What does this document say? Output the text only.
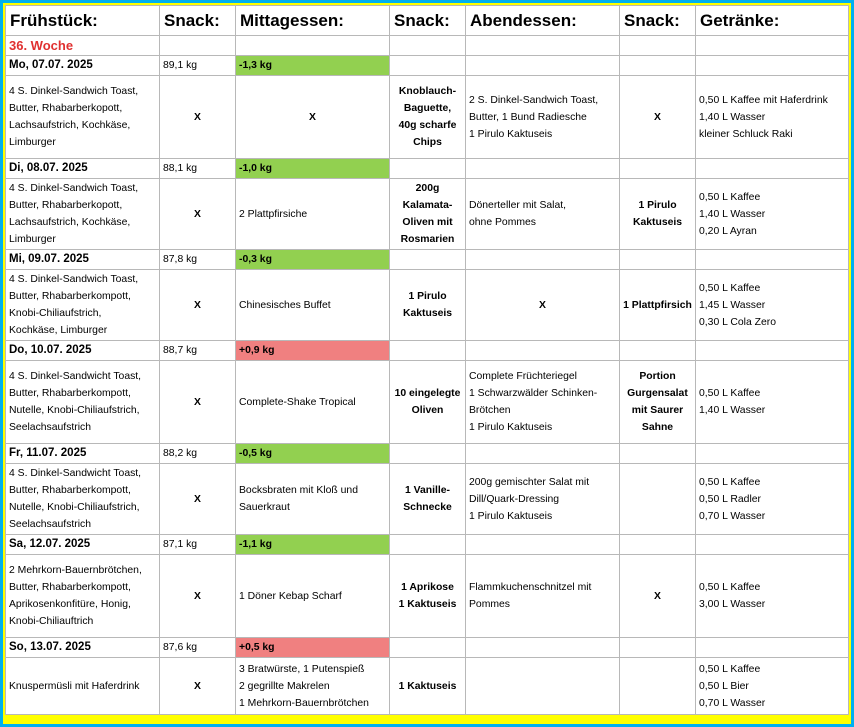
Frühstück:	Snack:	Mittagessen:	Snack:	Abendessen:	Snack:	Getränke:
36. Woche						
Mo, 07.07. 2025	89,1 kg	-1,3 kg				

4 S. Dinkel-Sandwich Toast,
Butter, Rhabarberkopott,
Lachsaufstrich, Kochkäse,
Limburger	X	X	Knoblauch-
Baguette,
40g scharfe
Chips	2 S. Dinkel-Sandwich Toast,
Butter, 1 Bund Radiesche
1 Pirulo Kaktuseis	X	0,50 L Kaffee mit Haferdrink
1,40 L Wasser
kleiner Schluck Raki

Di, 08.07. 2025	88,1 kg	-1,0 kg				

4 S. Dinkel-Sandwich Toast,
Butter, Rhabarberkopott,
Lachsaufstrich, Kochkäse,
Limburger	X	2 Plattpfirsiche	200g
Kalamata-
Oliven mit
Rosmarien	Dönerteller mit Salat,
ohne Pommes	1 Pirulo
Kaktuseis	0,50 L Kaffee
1,40 L Wasser
0,20 L Ayran

Mi, 09.07. 2025	87,8 kg	-0,3 kg				

4 S. Dinkel-Sandwich Toast,
Butter, Rhabarberkompott,
Knobi-Chiliaufstrich,
Kochkäse, Limburger	X	Chinesisches Buffet	1 Pirulo
Kaktuseis	X	1 Plattpfirsich	0,50 L Kaffee
1,45 L Wasser
0,30 L Cola Zero

Do, 10.07. 2025	88,7 kg	+0,9 kg				

4 S. Dinkel-Sandwicht Toast,
Butter, Rhabarberkompott,
Nutelle, Knobi-Chiliaufstrich,
Seelachsaufstrich	X	Complete-Shake Tropical	10 eingelegte
Oliven	Complete Früchteriegel
1 Schwarzwälder Schinken-
Brötchen
1 Pirulo Kaktuseis	Portion
Gurgensalat
mit Saurer
Sahne	0,50 L Kaffee
1,40 L Wasser

Fr, 11.07. 2025	88,2 kg	-0,5 kg				

4 S. Dinkel-Sandwicht Toast,
Butter, Rhabarberkompott,
Nutelle, Knobi-Chiliaufstrich,
Seelachsaufstrich	X	Bocksbraten mit Kloß und
Sauerkraut	1 Vanille-
Schnecke	200g gemischter Salat mit
Dill/Quark-Dressing
1 Pirulo Kaktuseis		0,50 L Kaffee
0,50 L Radler
0,70 L Wasser

Sa, 12.07. 2025	87,1 kg	-1,1 kg				

2 Mehrkorn-Bauernbrötchen,
Butter, Rhabarberkompott,
Aprikosenkonfitüre, Honig,
Knobi-Chiliauftrich	X	1 Döner Kebap Scharf	1 Aprikose
1 Kaktuseis	Flammkuchenschnitzel mit
Pommes	X	0,50 L Kaffee
3,00 L Wasser

So, 13.07. 2025	87,6 kg	+0,5 kg				

Knuspermüsli mit Haferdrink	X	3 Bratwürste, 1 Putenspieß
2 gegrillte Makrelen
1 Mehrkorn-Bauernbrötchen	1 Kaktuseis			0,50 L Kaffee
0,50 L Bier
0,70 L Wasser
